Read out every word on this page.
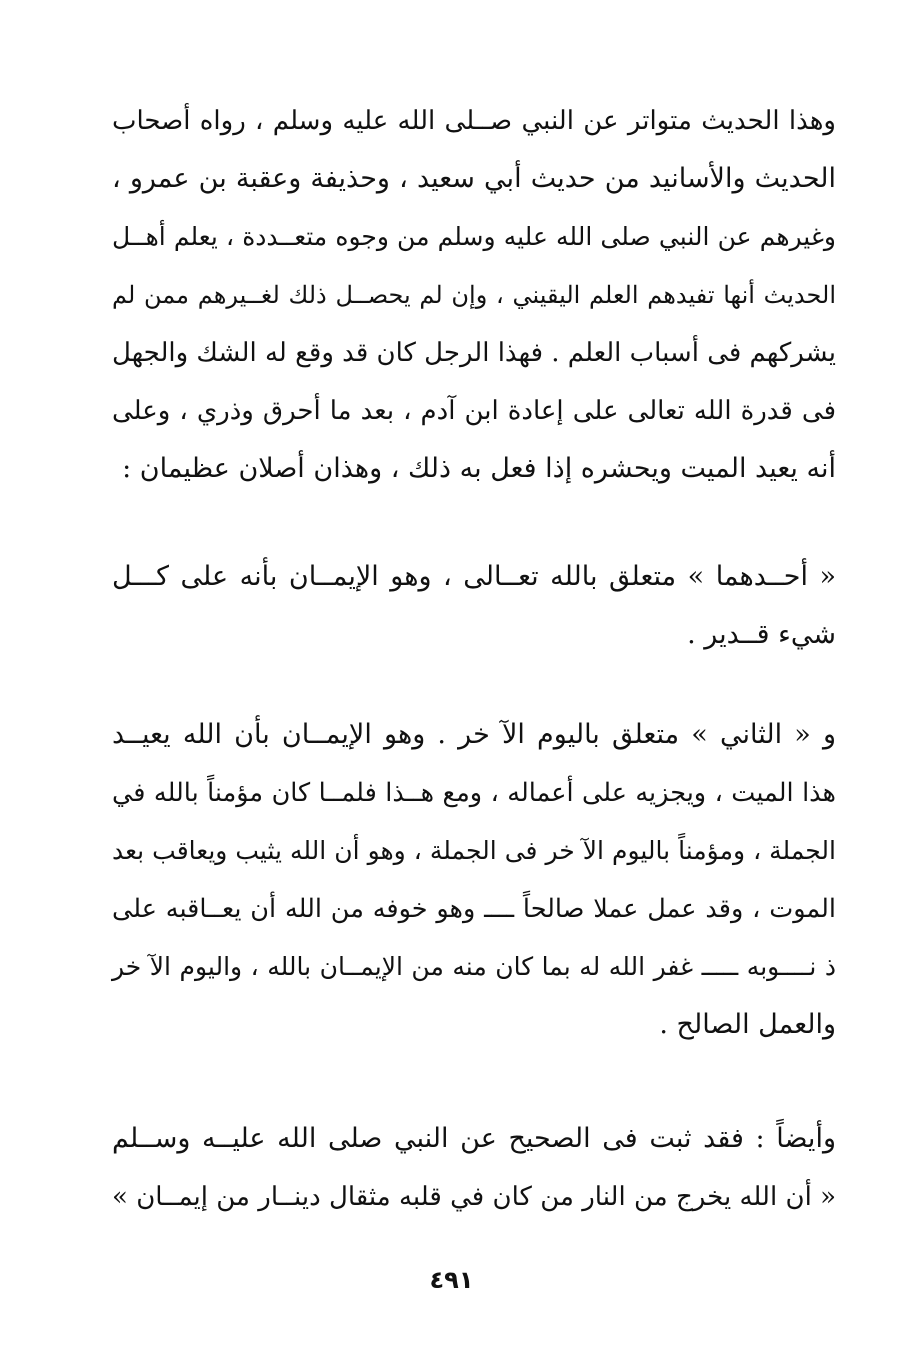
وهذا الحديث متواتر عن النبي صــلى الله عليه وسلم ، رواه أصحاب
الحديث والأسانيد من حديث أبي سعيد ، وحذيفة وعقبة بن عمرو ،
وغيرهم عن النبي صلى الله عليه وسلم من وجوه متعــددة ، يعلم أهــل
الحديث أنها تفيدهم العلم اليقيني ، وإن لم يحصــل ذلك لغــيرهم ممن لم
يشركهم فى أسباب العلم . فهذا الرجل كان قد وقع له الشك والجهل
فى قدرة الله تعالى على إعادة ابن آدم ، بعد ما أحرق وذري ، وعلى
أنه يعيد الميت ويحشره إذا فعل به ذلك ، وهذان أصلان عظيمان :
« أحــدهما » متعلق بالله تعــالى ، وهو الإيمــان بأنه على كـــل
شيء قــدير .
و « الثاني » متعلق باليوم الآ خر . وهو الإيمــان بأن الله يعيــد
هذا الميت ، ويجزيه على أعماله ، ومع هــذا فلمــا كان مؤمناً بالله في
الجملة ، ومؤمناً باليوم الآ خر فى الجملة ، وهو أن الله يثيب ويعاقب بعد
الموت ، وقد عمل عملا صالحاً ــــ وهو خوفه من الله أن يعــاقبه على
ذ نــــوبه ـــــ غفر الله له بما كان منه من الإيمــان بالله ، واليوم الآ خر
والعمل الصالح .
وأيضاً : فقد ثبت فى الصحيح عن النبي صلى الله عليــه وســلم
« أن الله يخرج من النار من كان في قلبه مثقال دينــار من إيمــان »
٤٩١
